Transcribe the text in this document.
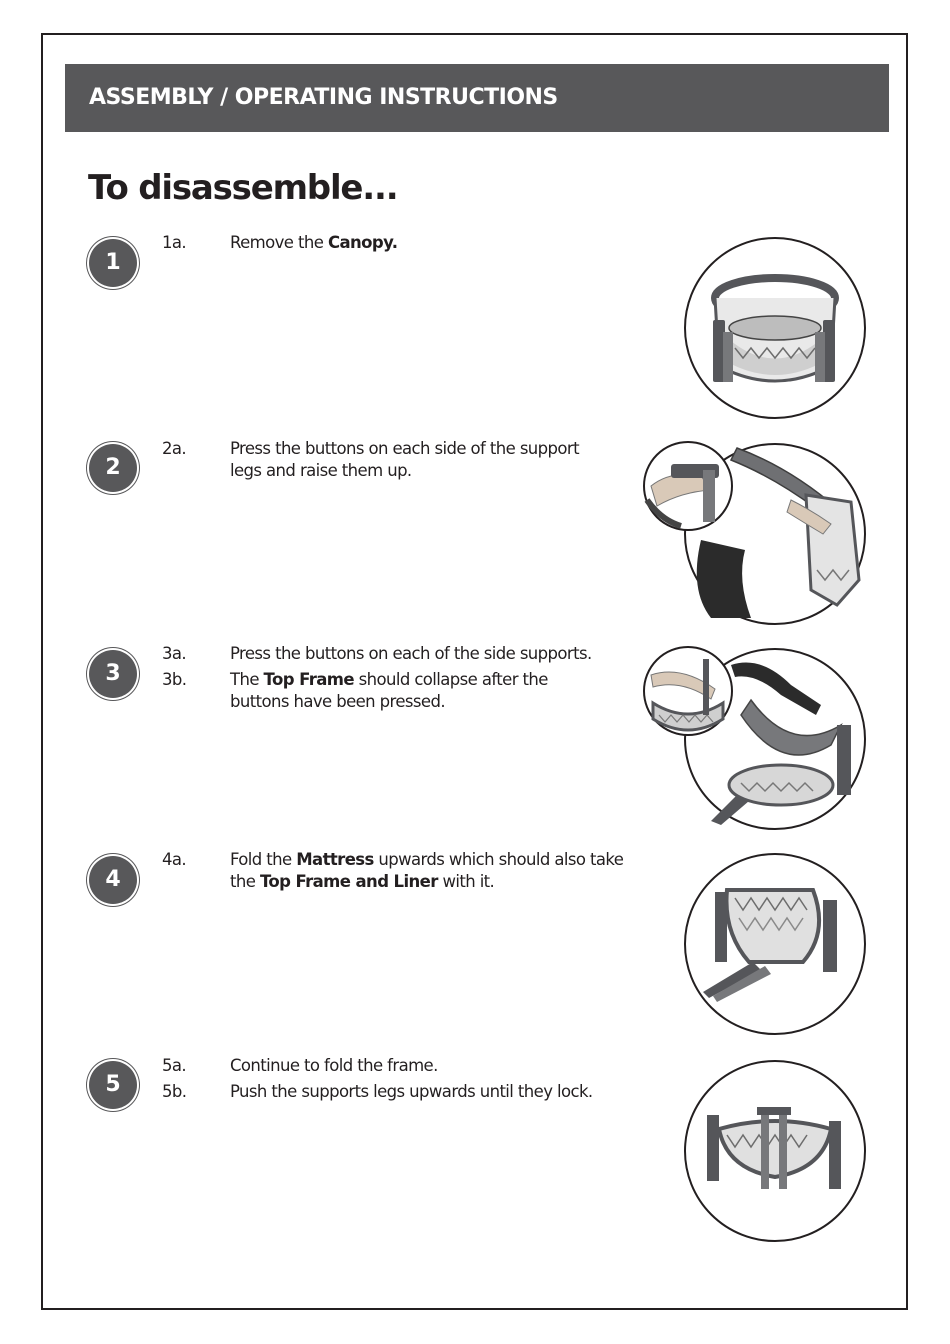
ASSEMBLY / OPERATING INSTRUCTIONS
To disassemble...
1
1a.	Remove the Canopy.
2
2a.	Press the buttons on each side of the support legs and raise them up.
3
3a.	Press the buttons on each of the side supports.
3b.	The Top Frame should collapse after the buttons have been pressed.
4
4a.	Fold the Mattress upwards which should also take the Top Frame and Liner with it.
5
5a.	Continue to fold the frame.
5b.	Push the supports legs upwards until they lock.
